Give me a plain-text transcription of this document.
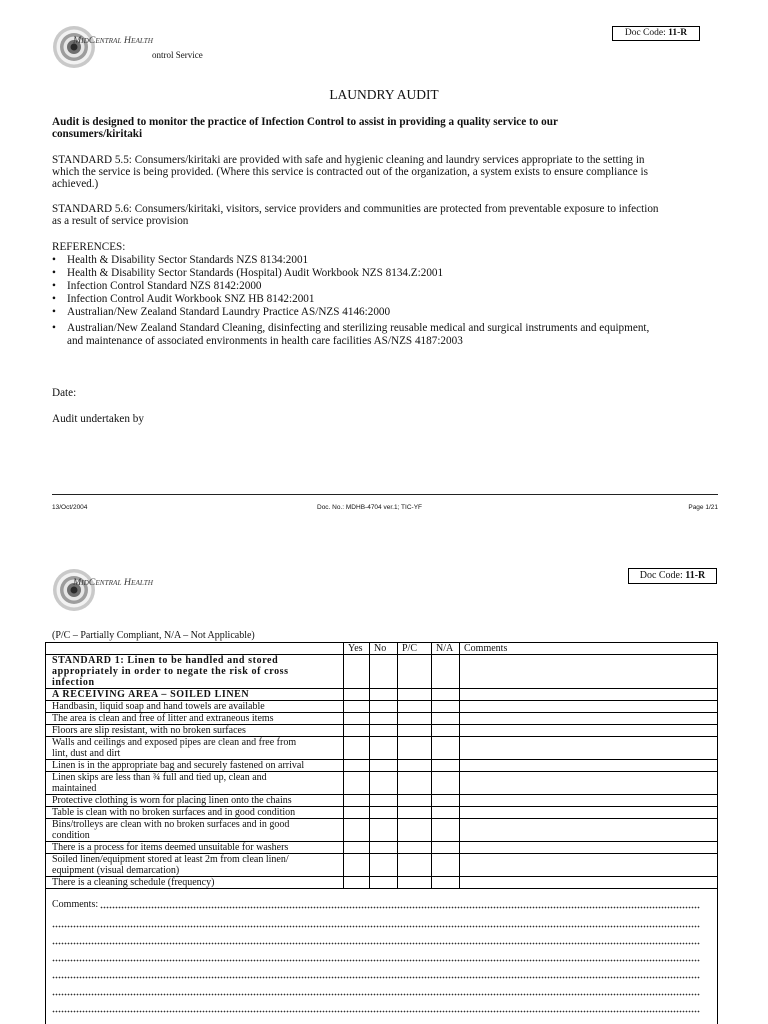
MidCentral Health
ontrol Service
Doc Code: 11-R
LAUNDRY AUDIT
Audit is designed to monitor the practice of Infection Control to assist in providing a quality service to our
consumers/kiritaki
STANDARD 5.5: Consumers/kiritaki are provided with safe and hygienic cleaning and laundry services appropriate to the setting in
which the service is being provided. (Where this service is contracted out of the organization, a system exists to ensure compliance is
achieved.)
STANDARD 5.6: Consumers/kiritaki, visitors, service providers and communities are protected from preventable exposure to infection
as a result of service provision
REFERENCES:
• Health & Disability Sector Standards NZS 8134:2001
• Health & Disability Sector Standards (Hospital) Audit Workbook NZS 8134.Z:2001
• Infection Control Standard NZS 8142:2000
• Infection Control Audit Workbook SNZ HB 8142:2001
• Australian/New Zealand Standard Laundry Practice AS/NZS 4146:2000
• Australian/New Zealand Standard Cleaning, disinfecting and sterilizing reusable medical and surgical instruments and equipment,
and maintenance of associated environments in health care facilities AS/NZS 4187:2003
Date:
Audit undertaken by
13/Oct/2004	Doc. No.: MDHB-4704 ver.1; TIC-YF	Page 1/21
MidCentral Health
Doc Code: 11-R
(P/C – Partially Compliant, N/A – Not Applicable)
Yes	No	P/C	N/A	Comments
STANDARD 1: Linen to be handled and stored
appropriately in order to negate the risk of cross
infection
A RECEIVING AREA – SOILED LINEN
Handbasin, liquid soap and hand towels are available
The area is clean and free of litter and extraneous items
Floors are slip resistant, with no broken surfaces
Walls and ceilings and exposed pipes are clean and free from
lint, dust and dirt
Linen is in the appropriate bag and securely fastened on arrival
Linen skips are less than ¾ full and tied up, clean and
maintained
Protective clothing is worn for placing linen onto the chains
Table is clean with no broken surfaces and in good condition
Bins/trolleys are clean with no broken surfaces and in good
condition
There is a process for items deemed unsuitable for washers
Soiled linen/equipment stored at least 2m from clean linen/
equipment (visual demarcation)
There is a cleaning schedule (frequency)
Comments:
